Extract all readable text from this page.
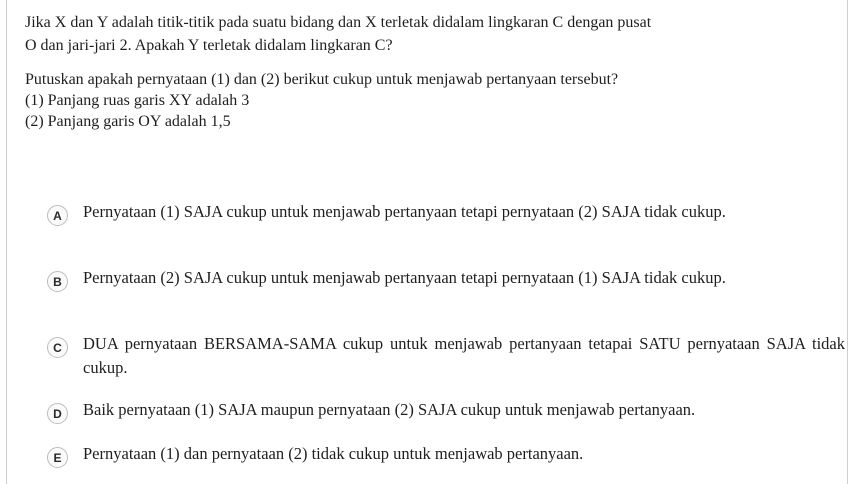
Jika X dan Y adalah titik-titik pada suatu bidang dan X terletak didalam lingkaran C dengan pusat

O dan jari-jari 2. Apakah Y terletak didalam lingkaran C?

Putuskan apakah pernyataan (1) dan (2) berikut cukup untuk menjawab pertanyaan tersebut?

(1) Panjang ruas garis XY adalah 3

(2) Panjang garis OY adalah 1,5

A	Pernyataan (1) SAJA cukup untuk menjawab pertanyaan tetapi pernyataan (2) SAJA tidak cukup.
B	Pernyataan (2) SAJA cukup untuk menjawab pertanyaan tetapi pernyataan (1) SAJA tidak cukup.
C	DUA pernyataan BERSAMA-SAMA cukup untuk menjawab pertanyaan tetapai SATU pernyataan SAJA tidak cukup.
D	Baik pernyataan (1) SAJA maupun pernyataan (2) SAJA cukup untuk menjawab pertanyaan.
E	Pernyataan (1) dan pernyataan (2) tidak cukup untuk menjawab pertanyaan.
